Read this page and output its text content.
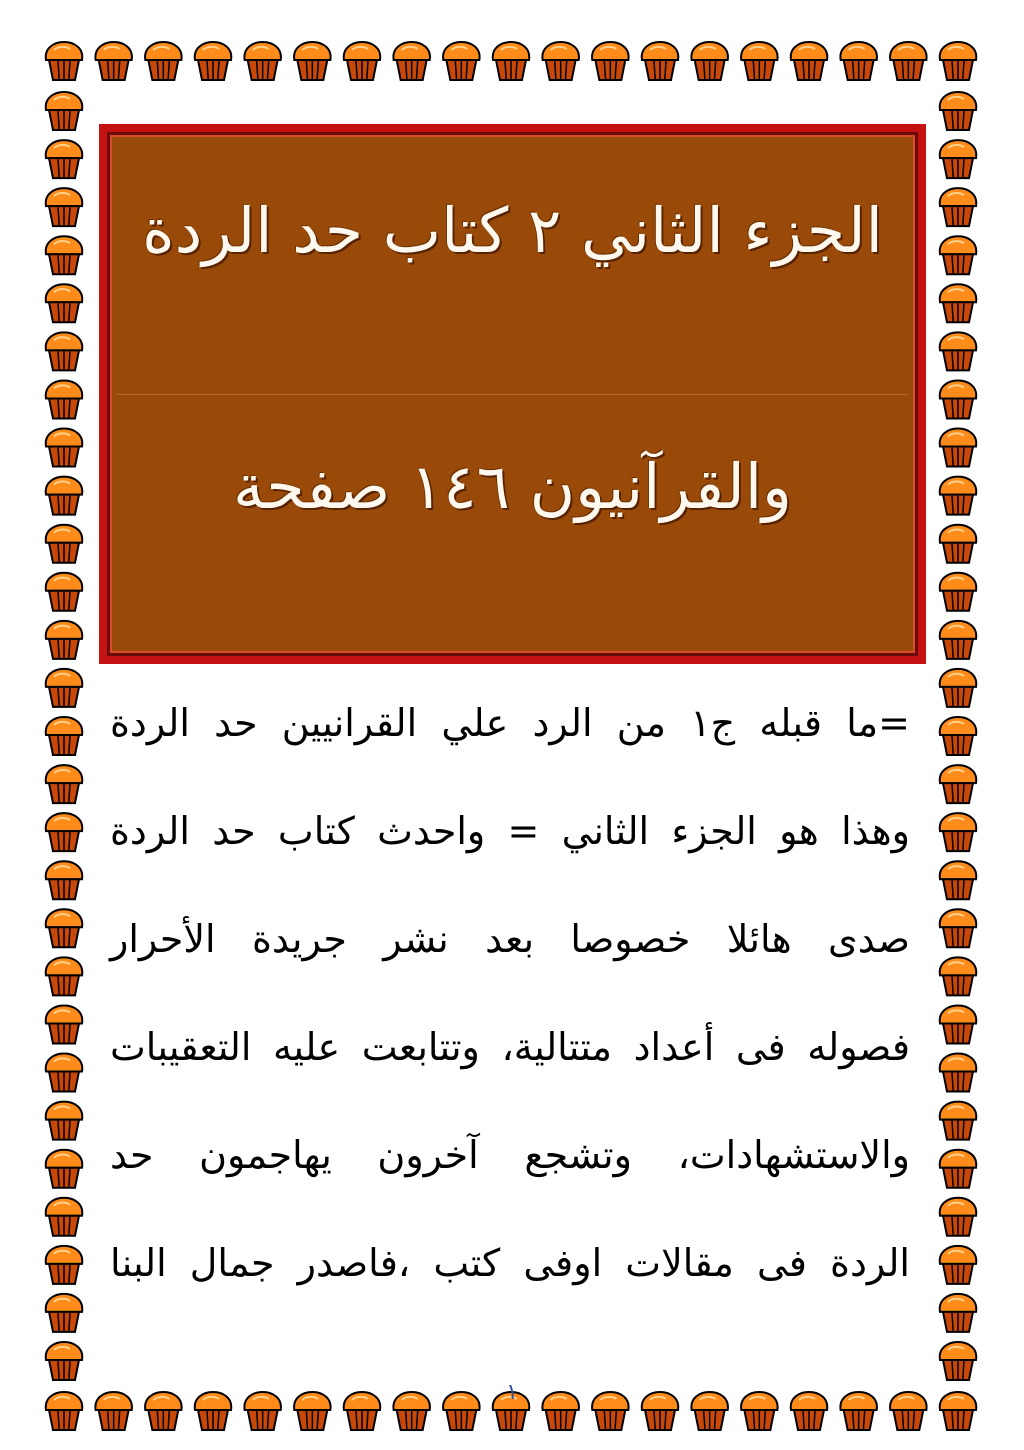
الجزء الثاني ٢ كتاب حد الردة
والقرآنيون ١٤٦ صفحة
=ما قبله ج١ من الرد علي القرانيين حد الردة
وهذا هو الجزء الثاني = واحدث كتاب حد الردة
صدى هائلا خصوصا بعد نشر جريدة الأحرار
فصوله فى أعداد متتالية، وتتابعت عليه التعقيبات
والاستشهادات، وتشجع آخرون يهاجمون حد
الردة فى مقالات اوفى كتب ،فاصدر جمال البنا
١
